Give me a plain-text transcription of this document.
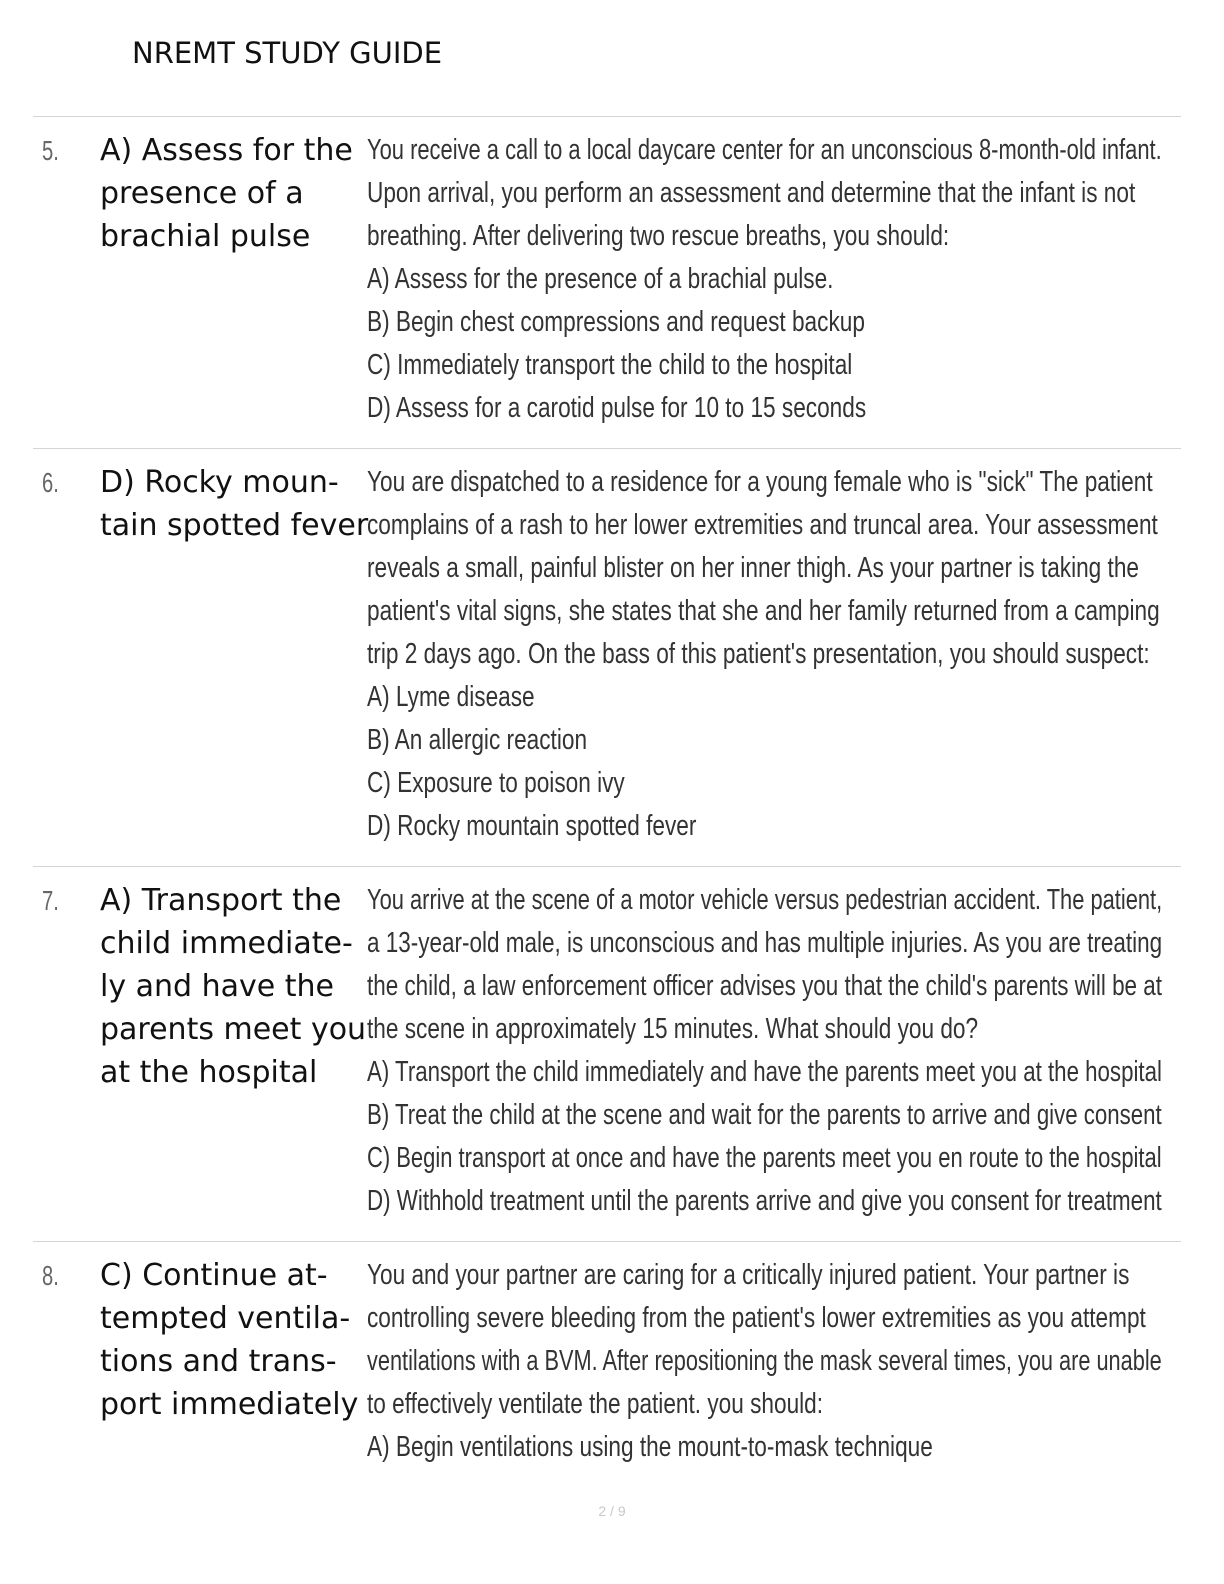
NREMT STUDY GUIDE
5. A) Assess for the
presence of a
brachial pulse
You receive a call to a local daycare center for an unconscious 8-month-old infant.
Upon arrival, you perform an assessment and determine that the infant is not
breathing. After delivering two rescue breaths, you should:
A) Assess for the presence of a brachial pulse.
B) Begin chest compressions and request backup
C) Immediately transport the child to the hospital
D) Assess for a carotid pulse for 10 to 15 seconds
6. D) Rocky moun-
tain spotted fever
You are dispatched to a residence for a young female who is "sick" The patient
complains of a rash to her lower extremities and truncal area. Your assessment
reveals a small, painful blister on her inner thigh. As your partner is taking the
patient's vital signs, she states that she and her family returned from a camping
trip 2 days ago. On the bass of this patient's presentation, you should suspect:
A) Lyme disease
B) An allergic reaction
C) Exposure to poison ivy
D) Rocky mountain spotted fever
7. A) Transport the
child immediate-
ly and have the
parents meet you
at the hospital
You arrive at the scene of a motor vehicle versus pedestrian accident. The patient,
a 13-year-old male, is unconscious and has multiple injuries. As you are treating
the child, a law enforcement officer advises you that the child's parents will be at
the scene in approximately 15 minutes. What should you do?
A) Transport the child immediately and have the parents meet you at the hospital
B) Treat the child at the scene and wait for the parents to arrive and give consent
C) Begin transport at once and have the parents meet you en route to the hospital
D) Withhold treatment until the parents arrive and give you consent for treatment
8. C) Continue at-
tempted ventila-
tions and trans-
port immediately
You and your partner are caring for a critically injured patient. Your partner is
controlling severe bleeding from the patient's lower extremities as you attempt
ventilations with a BVM. After repositioning the mask several times, you are unable
to effectively ventilate the patient. you should:
A) Begin ventilations using the mount-to-mask technique
2 / 9
